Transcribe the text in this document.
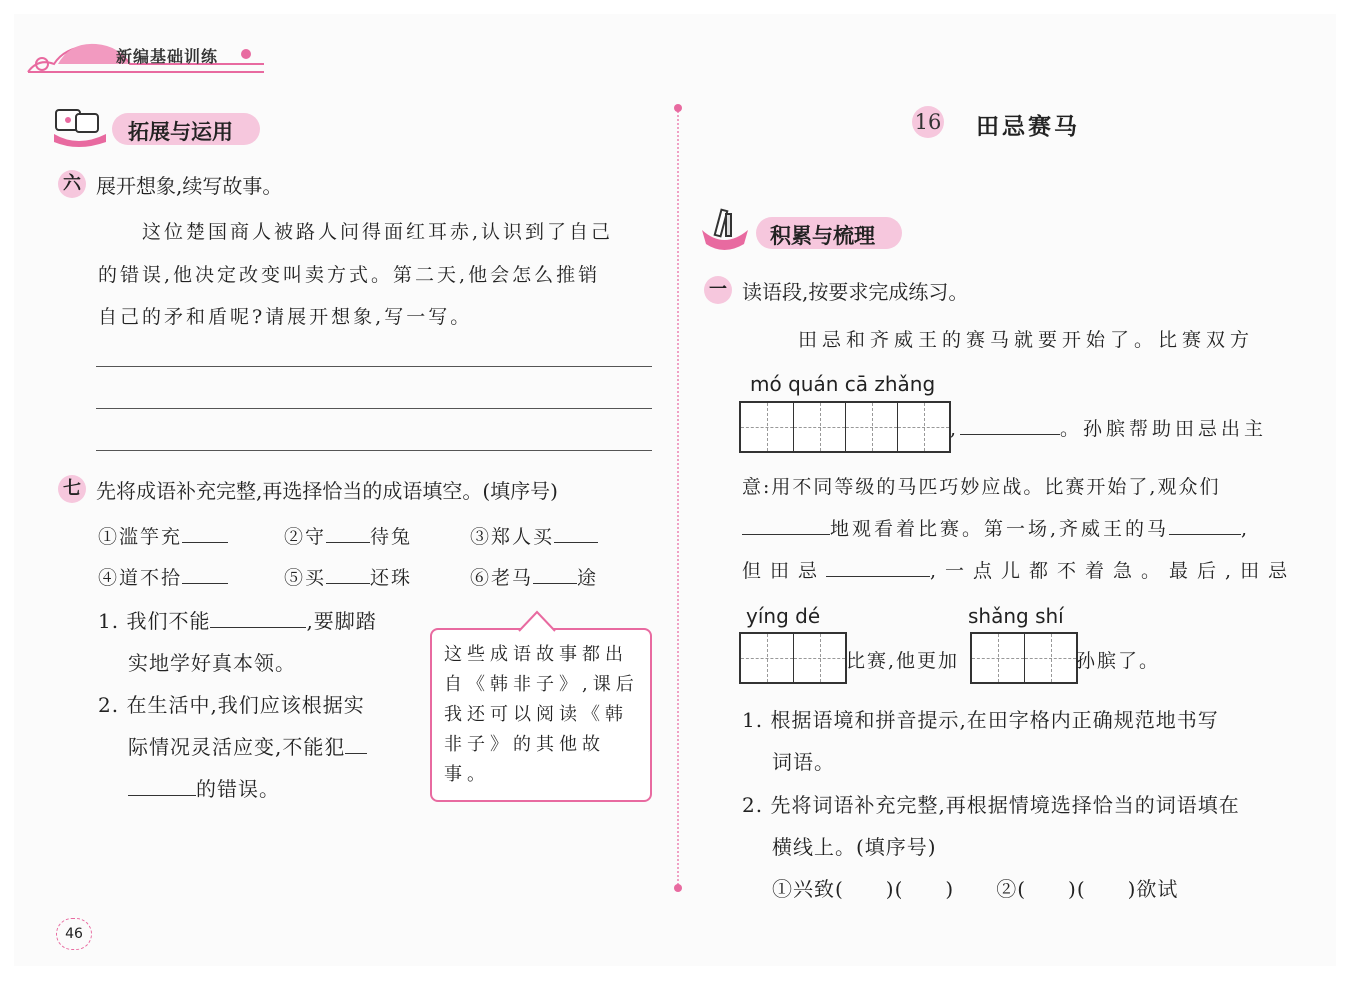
新编基础训练
拓展与运用
六 展开想象,续写故事。
这位楚国商人被路人问得面红耳赤,认识到了自己
的错误,他决定改变叫卖方式。第二天,他会怎么推销
自己的矛和盾呢?请展开想象,写一写。
七 先将成语补充完整,再选择恰当的成语填空。(填序号)
①滥竽充	②守 待兔	③郑人买
④道不拾	⑤买 还珠	⑥老马 途
1. 我们不能	,要脚踏
实地学好真本领。
2. 在生活中,我们应该根据实
际情况灵活应变,不能犯
的错误。
这些成语故事都出自《韩非子》,课后我还可以阅读《韩非子》的其他故事。
46
16 田忌赛马
积累与梳理
一 读语段,按要求完成练习。
田忌和齐威王的赛马就要开始了。比赛双方
mó quán cā zhǎng
,	。孙膑帮助田忌出主
意:用不同等级的马匹巧妙应战。比赛开始了,观众们
地观看着比赛。第一场,齐威王的马	,
但田忌	,一点儿都不着急。最后,田忌
yíng dé	shǎng shí
比赛,他更加	孙膑了。
1. 根据语境和拼音提示,在田字格内正确规范地书写
词语。
2. 先将词语补充完整,再根据情境选择恰当的词语填在
横线上。(填序号)
①兴致(　　)(　　)　　②(　　)(　　)欲试
